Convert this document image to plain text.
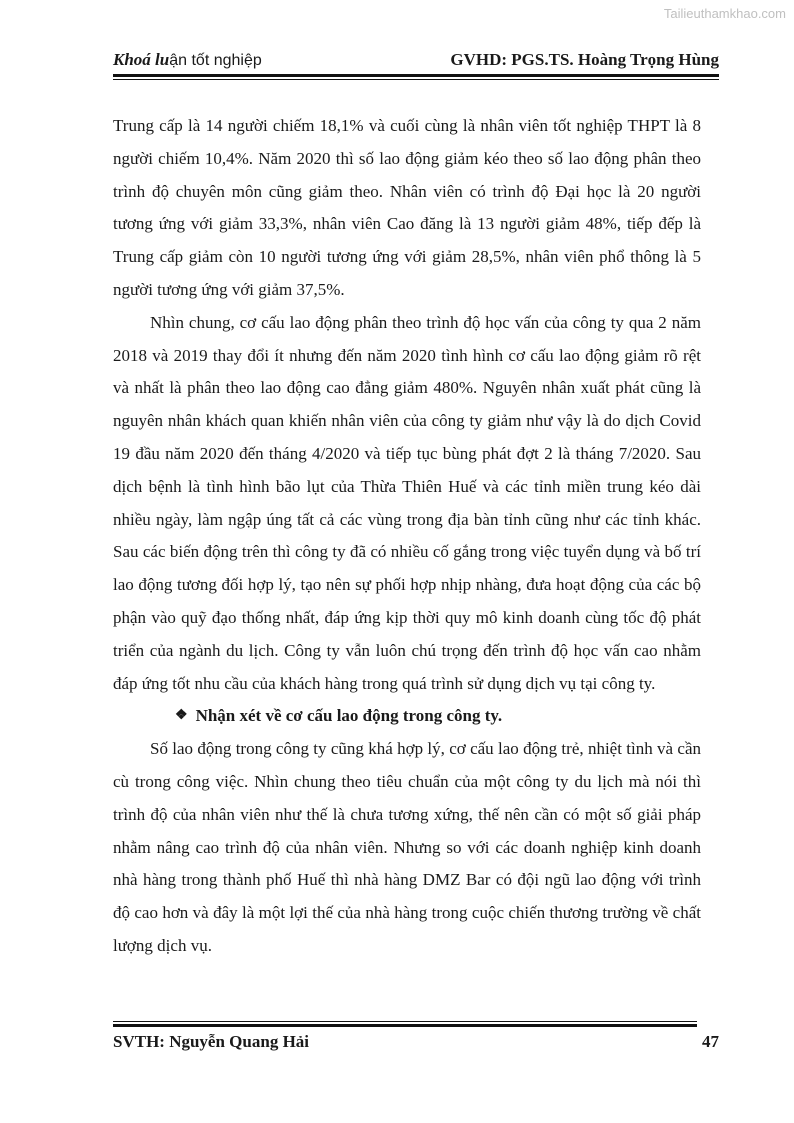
Tailieuthamkhao.com
Khoá luận tốt nghiệp	GVHD: PGS.TS. Hoàng Trọng Hùng

Trung cấp là 14 người chiếm 18,1% và cuối cùng là nhân viên tốt nghiệp THPT là 8 người chiếm 10,4%. Năm 2020 thì số lao động giảm kéo theo số lao động phân theo trình độ chuyên môn cũng giảm theo. Nhân viên có trình độ Đại học là 20 người tương ứng với giảm 33,3%, nhân viên Cao đăng là 13 người giảm 48%, tiếp đếp là Trung cấp giảm còn 10 người tương ứng với giảm 28,5%, nhân viên phổ thông là 5 người tương ứng với giảm 37,5%.

Nhìn chung, cơ cấu lao động phân theo trình độ học vấn của công ty qua 2 năm 2018 và 2019 thay đổi ít nhưng đến năm 2020 tình hình cơ cấu lao động giảm rõ rệt và nhất là phân theo lao động cao đẳng giảm 480%. Nguyên nhân xuất phát cũng là nguyên nhân khách quan khiến nhân viên của công ty giảm như vậy là do dịch Covid 19 đầu năm 2020 đến tháng 4/2020 và tiếp tục bùng phát đợt 2 là tháng 7/2020. Sau dịch bệnh là tình hình bão lụt của Thừa Thiên Huế và các tỉnh miền trung kéo dài nhiều ngày, làm ngập úng tất cả các vùng trong địa bàn tỉnh cũng như các tỉnh khác. Sau các biến động trên thì công ty đã có nhiều cố gắng trong việc tuyển dụng và bố trí lao động tương đối hợp lý, tạo nên sự phối hợp nhịp nhàng, đưa hoạt động của các bộ phận vào quỹ đạo thống nhất, đáp ứng kịp thời quy mô kinh doanh cùng tốc độ phát triển của ngành du lịch. Công ty vẫn luôn chú trọng đến trình độ học vấn cao nhằm đáp ứng tốt nhu cầu của khách hàng trong quá trình sử dụng dịch vụ tại công ty.

❖ Nhận xét về cơ cấu lao động trong công ty.

Số lao động trong công ty cũng khá hợp lý, cơ cấu lao động trẻ, nhiệt tình và cần cù trong công việc. Nhìn chung theo tiêu chuẩn của một công ty du lịch mà nói thì trình độ của nhân viên như thế là chưa tương xứng, thế nên cần có một số giải pháp nhằm nâng cao trình độ của nhân viên. Nhưng so với các doanh nghiệp kinh doanh nhà hàng trong thành phố Huế thì nhà hàng DMZ Bar có đội ngũ lao động với trình độ cao hơn và đây là một lợi thế của nhà hàng trong cuộc chiến thương trường về chất lượng dịch vụ.

SVTH: Nguyễn Quang Hải	47
